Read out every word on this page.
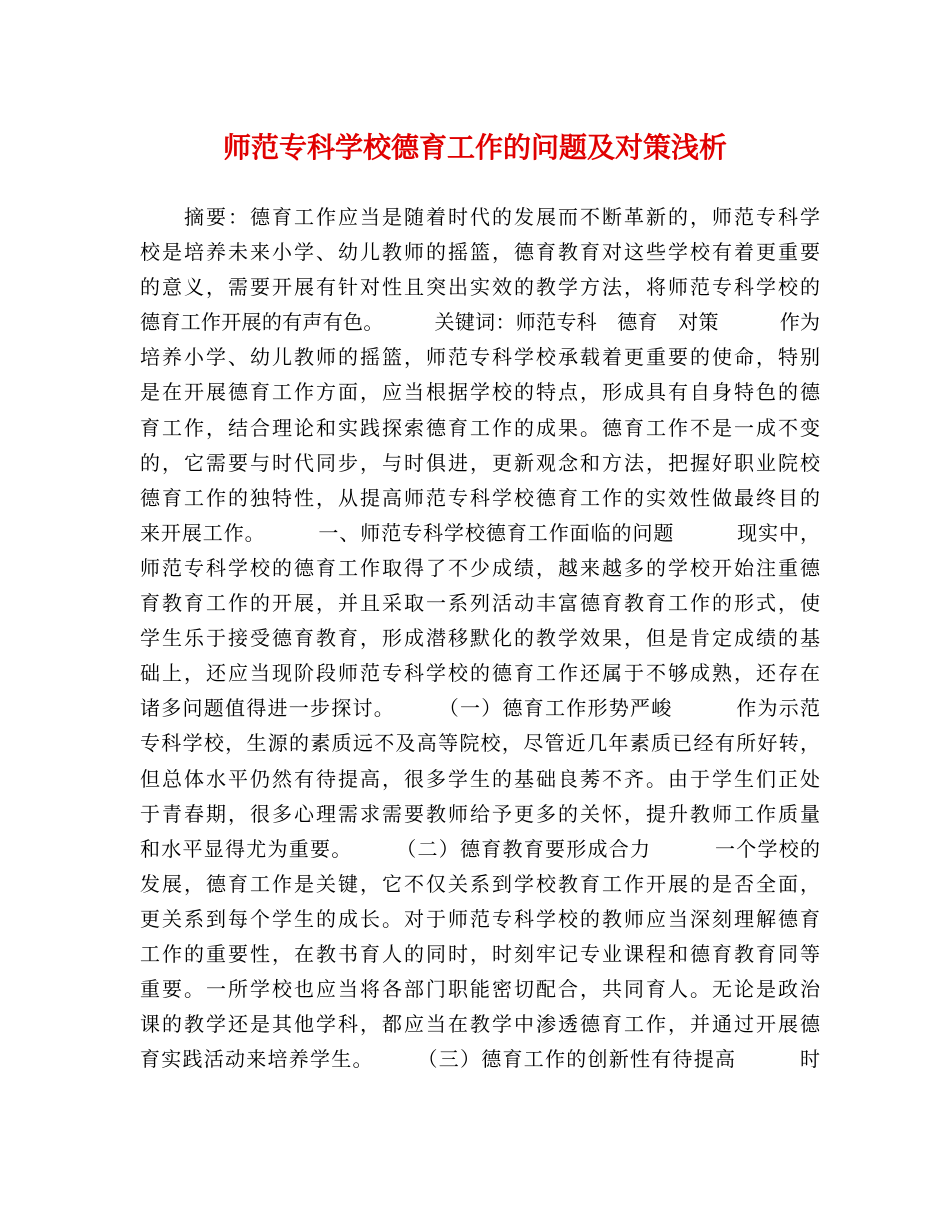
师范专科学校德育工作的问题及对策浅析
　　摘要：德育工作应当是随着时代的发展而不断革新的，师范专科学
校是培养未来小学、幼儿教师的摇篮，德育教育对这些学校有着更重要
的意义，需要开展有针对性且突出实效的教学方法，将师范专科学校的
德育工作开展的有声有色。　　　关键词：师范专科　德育　对策　　　作为
培养小学、幼儿教师的摇篮，师范专科学校承载着更重要的使命，特别
是在开展德育工作方面，应当根据学校的特点，形成具有自身特色的德
育工作，结合理论和实践探索德育工作的成果。德育工作不是一成不变
的，它需要与时代同步，与时俱进，更新观念和方法，把握好职业院校
德育工作的独特性，从提高师范专科学校德育工作的实效性做最终目的
来开展工作。　　　一、师范专科学校德育工作面临的问题　　　现实中，
师范专科学校的德育工作取得了不少成绩，越来越多的学校开始注重德
育教育工作的开展，并且采取一系列活动丰富德育教育工作的形式，使
学生乐于接受德育教育，形成潜移默化的教学效果，但是肯定成绩的基
础上，还应当现阶段师范专科学校的德育工作还属于不够成熟，还存在
诸多问题值得进一步探讨。　　　（一）德育工作形势严峻　　　作为示范
专科学校，生源的素质远不及高等院校，尽管近几年素质已经有所好转，
但总体水平仍然有待提高，很多学生的基础良莠不齐。由于学生们正处
于青春期，很多心理需求需要教师给予更多的关怀，提升教师工作质量
和水平显得尤为重要。　　　（二）德育教育要形成合力　　　一个学校的
发展，德育工作是关键，它不仅关系到学校教育工作开展的是否全面，
更关系到每个学生的成长。对于师范专科学校的教师应当深刻理解德育
工作的重要性，在教书育人的同时，时刻牢记专业课程和德育教育同等
重要。一所学校也应当将各部门职能密切配合，共同育人。无论是政治
课的教学还是其他学科，都应当在教学中渗透德育工作，并通过开展德
育实践活动来培养学生。　　　（三）德育工作的创新性有待提高　　　时
